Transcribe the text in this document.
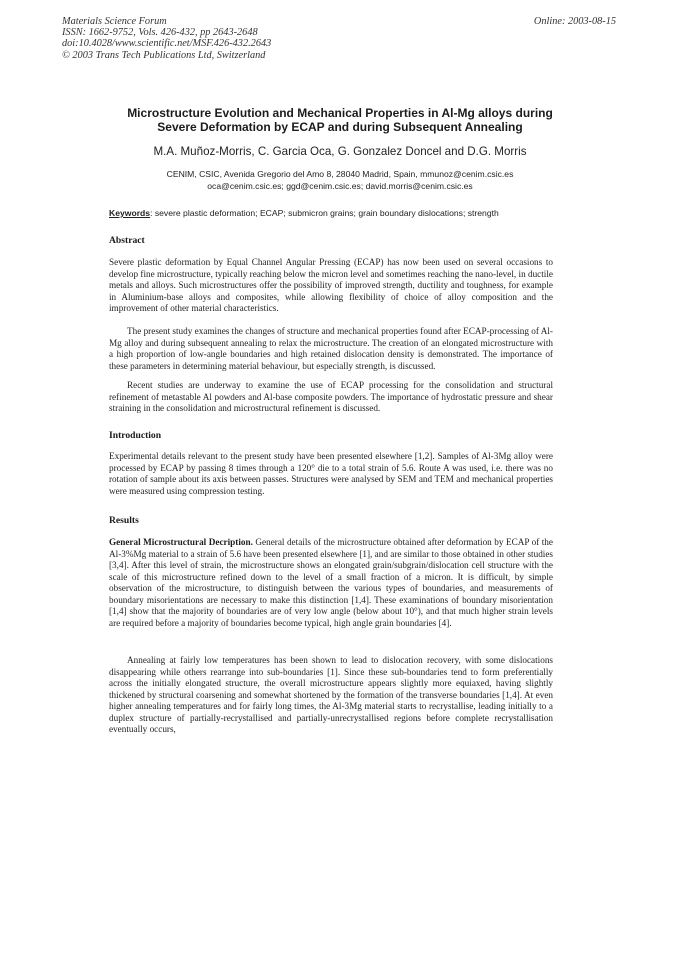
Materials Science Forum
ISSN: 1662-9752, Vols. 426-432, pp 2643-2648
doi:10.4028/www.scientific.net/MSF.426-432.2643
© 2003 Trans Tech Publications Ltd, Switzerland
Online: 2003-08-15
Microstructure Evolution and Mechanical Properties in Al-Mg alloys during
Severe Deformation by ECAP and during Subsequent Annealing
M.A. Muñoz-Morris, C. Garcia Oca, G. Gonzalez Doncel and D.G. Morris
CENIM, CSIC, Avenida Gregorio del Amo 8, 28040 Madrid, Spain, mmunoz@cenim.csic.es
oca@cenim.csic.es; ggd@cenim.csic.es; david.morris@cenim.csic.es
Keywords: severe plastic deformation; ECAP; submicron grains; grain boundary dislocations; strength
Abstract

Severe plastic deformation by Equal Channel Angular Pressing (ECAP) has now been used on several occasions to develop fine microstructure, typically reaching below the micron level and sometimes reaching the nano-level, in ductile metals and alloys. Such microstructures offer the possibility of improved strength, ductility and toughness, for example in Aluminium-base alloys and composites, while allowing flexibility of choice of alloy composition and the improvement of other material characteristics.

The present study examines the changes of structure and mechanical properties found after ECAP-processing of Al-Mg alloy and during subsequent annealing to relax the microstructure. The creation of an elongated microstructure with a high proportion of low-angle boundaries and high retained dislocation density is demonstrated. The importance of these parameters in determining material behaviour, but especially strength, is discussed.

Recent studies are underway to examine the use of ECAP processing for the consolidation and structural refinement of metastable Al powders and Al-base composite powders. The importance of hydrostatic pressure and shear straining in the consolidation and microstructural refinement is discussed.

Introduction

Experimental details relevant to the present study have been presented elsewhere [1,2]. Samples of Al-3Mg alloy were processed by ECAP by passing 8 times through a 120° die to a total strain of 5.6. Route A was used, i.e. there was no rotation of sample about its axis between passes. Structures were analysed by SEM and TEM and mechanical properties were measured using compression testing.

Results

General Microstructural Decription. General details of the microstructure obtained after deformation by ECAP of the Al-3%Mg material to a strain of 5.6 have been presented elsewhere [1], and are similar to those obtained in other studies [3,4]. After this level of strain, the microstructure shows an elongated grain/subgrain/dislocation cell structure with the scale of this microstructure refined down to the level of a small fraction of a micron. It is difficult, by simple observation of the microstructure, to distinguish between the various types of boundaries, and measurements of boundary misorientations are necessary to make this distinction [1,4]. These examinations of boundary misorientation [1,4] show that the majority of boundaries are of very low angle (below about 10°), and that much higher strain levels are required before a majority of boundaries become typical, high angle grain boundaries [4].

Annealing at fairly low temperatures has been shown to lead to dislocation recovery, with some dislocations disappearing while others rearrange into sub-boundaries [1]. Since these sub-boundaries tend to form preferentially across the initially elongated structure, the overall microstructure appears slightly more equiaxed, having slightly thickened by structural coarsening and somewhat shortened by the formation of the transverse boundaries [1,4]. At even higher annealing temperatures and for fairly long times, the Al-3Mg material starts to recrystallise, leading initially to a duplex structure of partially-recrystallised and partially-unrecrystallised regions before complete recrystallisation eventually occurs,
